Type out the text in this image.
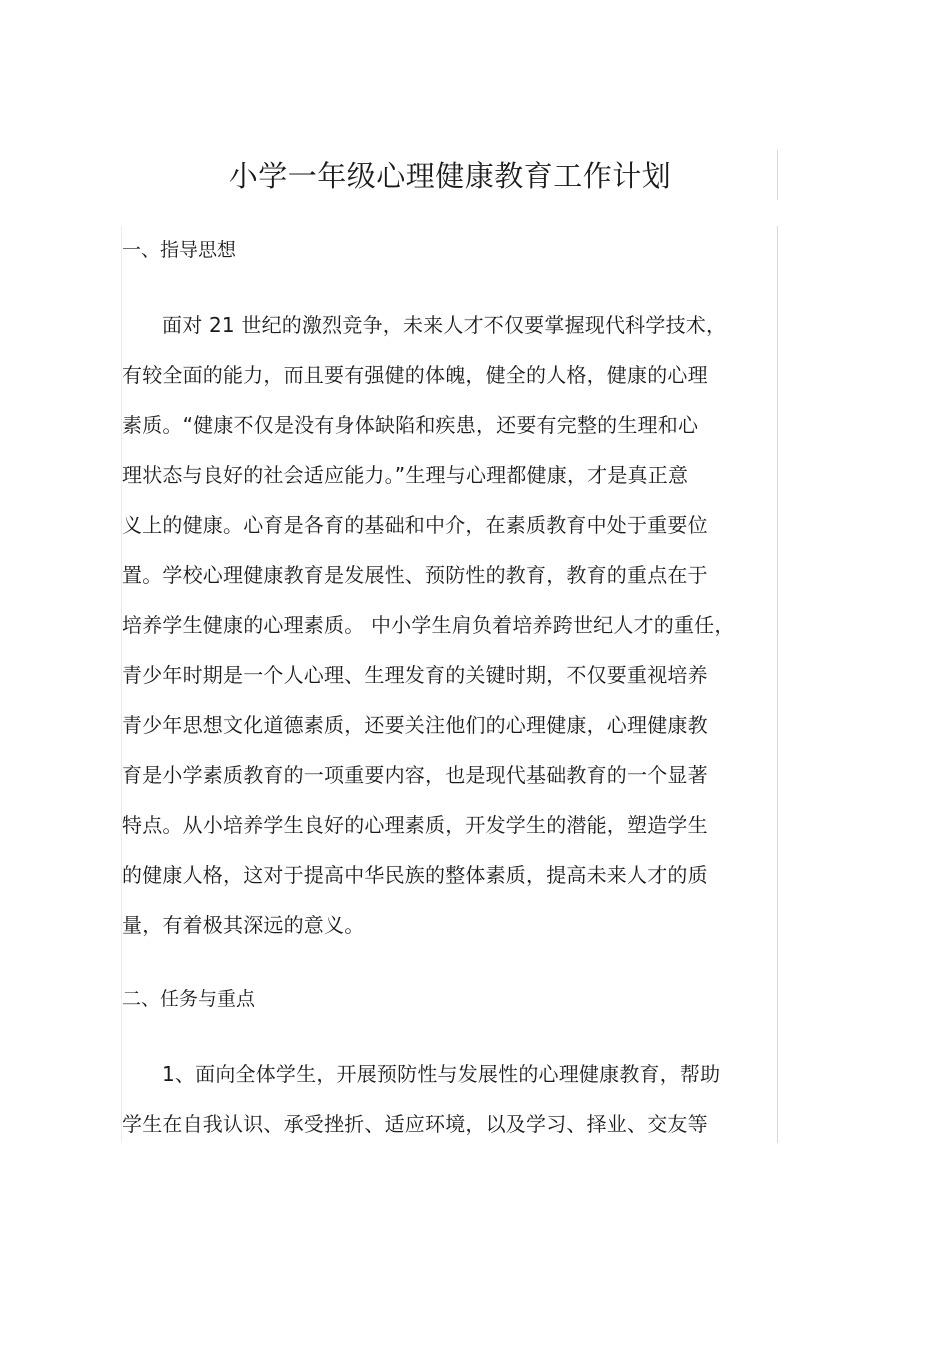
小学一年级心理健康教育工作计划
一、指导思想
面对 21 世纪的激烈竞争，未来人才不仅要掌握现代科学技术，
有较全面的能力，而且要有强健的体魄，健全的人格，健康的心理
素质。“健康不仅是没有身体缺陷和疾患，还要有完整的生理和心
理状态与良好的社会适应能力。”生理与心理都健康，才是真正意
义上的健康。心育是各育的基础和中介，在素质教育中处于重要位
置。学校心理健康教育是发展性、预防性的教育，教育的重点在于
培养学生健康的心理素质。 中小学生肩负着培养跨世纪人才的重任，
青少年时期是一个人心理、生理发育的关键时期，不仅要重视培养
青少年思想文化道德素质，还要关注他们的心理健康，心理健康教
育是小学素质教育的一项重要内容，也是现代基础教育的一个显著
特点。从小培养学生良好的心理素质，开发学生的潜能，塑造学生
的健康人格，这对于提高中华民族的整体素质，提高未来人才的质
量，有着极其深远的意义。
二、任务与重点
1、面向全体学生，开展预防性与发展性的心理健康教育，帮助
学生在自我认识、承受挫折、适应环境，以及学习、择业、交友等
